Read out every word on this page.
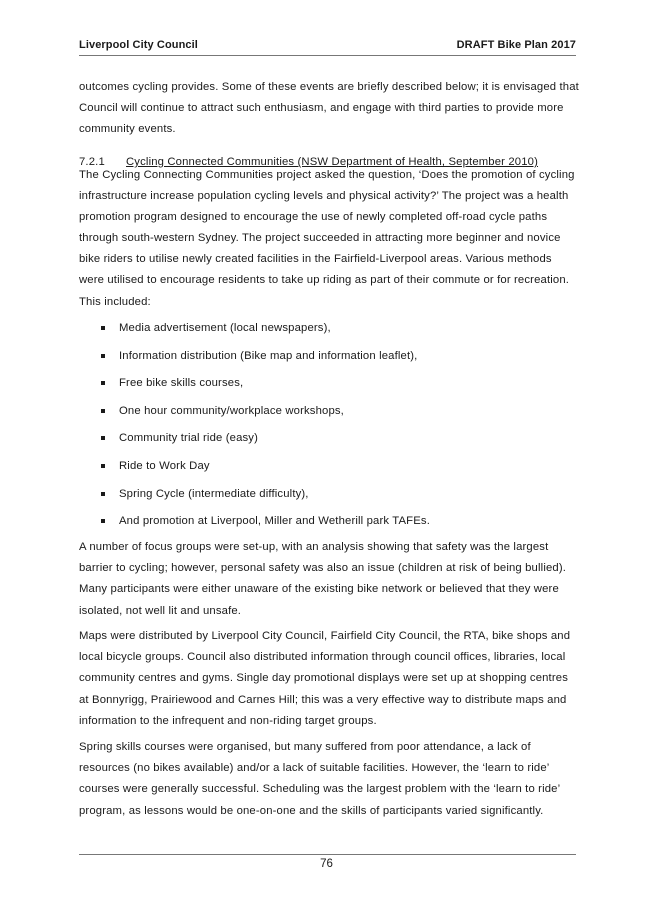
Liverpool City Council	DRAFT Bike Plan 2017

outcomes cycling provides. Some of these events are briefly described below; it is envisaged that Council will continue to attract such enthusiasm, and engage with third parties to provide more community events.

7.2.1 Cycling Connected Communities (NSW Department of Health, September 2010)

The Cycling Connecting Communities project asked the question, ‘Does the promotion of cycling infrastructure increase population cycling levels and physical activity?’ The project was a health promotion program designed to encourage the use of newly completed off-road cycle paths through south-western Sydney. The project succeeded in attracting more beginner and novice bike riders to utilise newly created facilities in the Fairfield-Liverpool areas. Various methods were utilised to encourage residents to take up riding as part of their commute or for recreation. This included:

Media advertisement (local newspapers),
Information distribution (Bike map and information leaflet),
Free bike skills courses,
One hour community/workplace workshops,
Community trial ride (easy)
Ride to Work Day
Spring Cycle (intermediate difficulty),
And promotion at Liverpool, Miller and Wetherill park TAFEs.

A number of focus groups were set-up, with an analysis showing that safety was the largest barrier to cycling; however, personal safety was also an issue (children at risk of being bullied). Many participants were either unaware of the existing bike network or believed that they were isolated, not well lit and unsafe.

Maps were distributed by Liverpool City Council, Fairfield City Council, the RTA, bike shops and local bicycle groups. Council also distributed information through council offices, libraries, local community centres and gyms. Single day promotional displays were set up at shopping centres at Bonnyrigg, Prairiewood and Carnes Hill; this was a very effective way to distribute maps and information to the infrequent and non-riding target groups.

Spring skills courses were organised, but many suffered from poor attendance, a lack of resources (no bikes available) and/or a lack of suitable facilities. However, the ‘learn to ride’ courses were generally successful. Scheduling was the largest problem with the ‘learn to ride’ program, as lessons would be one-on-one and the skills of participants varied significantly.

76
